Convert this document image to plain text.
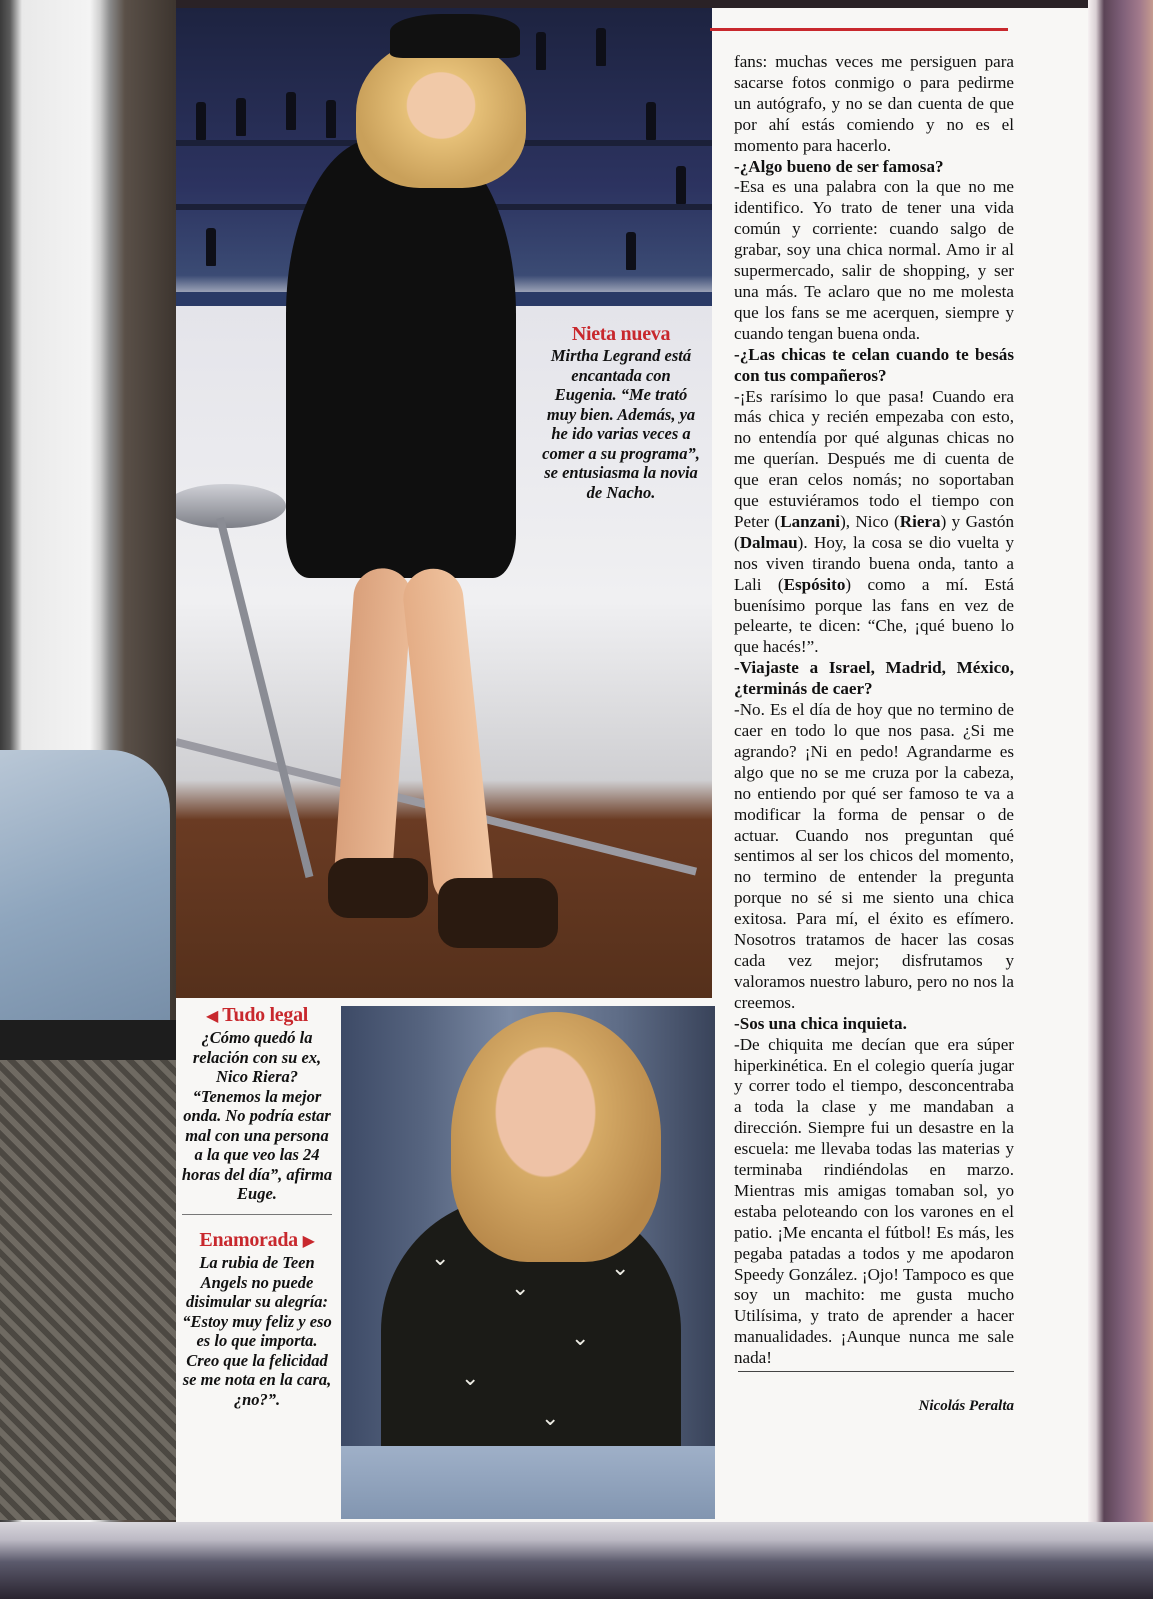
Nieta nueva
Mirtha Legrand está encantada con Eugenia. “Me trató muy bien. Además, ya he ido varias veces a comer a su programa”, se entusiasma la novia de Nacho.
◀ Tudo legal
¿Cómo quedó la relación con su ex, Nico Riera? “Tenemos la mejor onda. No podría estar mal con una persona a la que veo las 24 horas del día”, afirma Euge.
Enamorada ▶
La rubia de Teen Angels no puede disimular su alegría: “Estoy muy feliz y eso es lo que importa. Creo que la felicidad se me nota en la cara, ¿no?”.
⌄
⌄
⌄
⌄
⌄
⌄

fans: muchas veces me persiguen para sacarse fotos conmigo o para pedirme un autógrafo, y no se dan cuenta de que por ahí estás comiendo y no es el momento para hacerlo.

-¿Algo bueno de ser famosa?

-Esa es una palabra con la que no me identifico. Yo trato de tener una vida común y corriente: cuando salgo de grabar, soy una chica normal. Amo ir al supermercado, salir de shopping, y ser una más. Te aclaro que no me molesta que los fans se me acerquen, siempre y cuando tengan buena onda.

-¿Las chicas te celan cuando te besás con tus compañeros?

-¡Es rarísimo lo que pasa! Cuando era más chica y recién empezaba con esto, no entendía por qué algunas chicas no me querían. Después me di cuenta de que eran celos nomás; no soportaban que estuviéramos todo el tiempo con Peter (Lanzani), Nico (Riera) y Gastón (Dalmau). Hoy, la cosa se dio vuelta y nos viven tirando buena onda, tanto a Lali (Espósito) como a mí. Está buenísimo porque las fans en vez de pelearte, te dicen: “Che, ¡qué bueno lo que hacés!”.

-Viajaste a Israel, Madrid, México, ¿terminás de caer?

-No. Es el día de hoy que no termino de caer en todo lo que nos pasa. ¿Si me agrando? ¡Ni en pedo! Agrandarme es algo que no se me cruza por la cabeza, no entiendo por qué ser famoso te va a modificar la forma de pensar o de actuar. Cuando nos preguntan qué sentimos al ser los chicos del momento, no termino de entender la pregunta porque no sé si me siento una chica exitosa. Para mí, el éxito es efímero. Nosotros tratamos de hacer las cosas cada vez mejor; disfrutamos y valoramos nuestro laburo, pero no nos la creemos.

-Sos una chica inquieta.

-De chiquita me decían que era súper hiperkinética. En el colegio quería jugar y correr todo el tiempo, desconcentraba a toda la clase y me mandaban a dirección. Siempre fui un desastre en la escuela: me llevaba todas las materias y terminaba rindiéndolas en marzo. Mientras mis amigas tomaban sol, yo estaba peloteando con los varones en el patio. ¡Me encanta el fútbol! Es más, les pegaba patadas a todos y me apodaron Speedy González. ¡Ojo! Tampoco es que soy un machito: me gusta mucho Utilísima, y trato de aprender a hacer manualidades. ¡Aunque nunca me sale nada!

Nicolás Peralta
